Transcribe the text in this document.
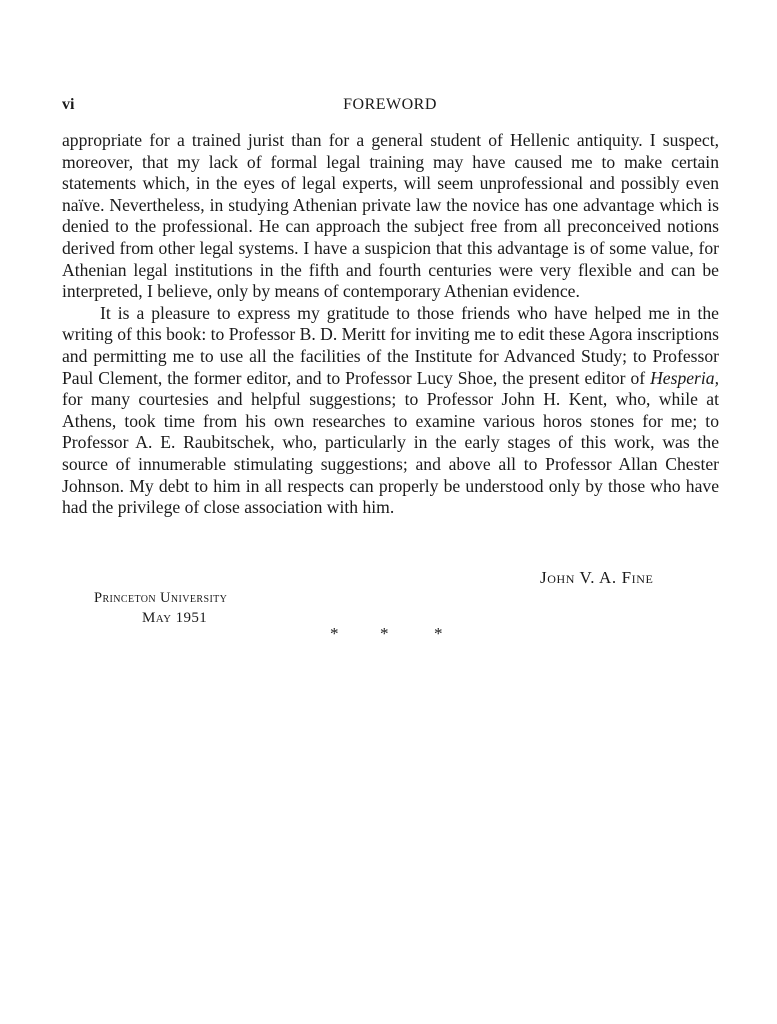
vi	FOREWORD

appropriate for a trained jurist than for a general student of Hellenic antiquity. I suspect, moreover, that my lack of formal legal training may have caused me to make certain statements which, in the eyes of legal experts, will seem unprofessional and possibly even naïve. Nevertheless, in studying Athenian private law the novice has one advantage which is denied to the professional. He can approach the subject free from all preconceived notions derived from other legal systems. I have a suspicion that this advantage is of some value, for Athenian legal institutions in the fifth and fourth centuries were very flexible and can be interpreted, I believe, only by means of contemporary Athenian evidence.

It is a pleasure to express my gratitude to those friends who have helped me in the writing of this book: to Professor B. D. Meritt for inviting me to edit these Agora inscriptions and permitting me to use all the facilities of the Institute for Advanced Study; to Professor Paul Clement, the former editor, and to Professor Lucy Shoe, the present editor of Hesperia, for many courtesies and helpful suggestions; to Professor John H. Kent, who, while at Athens, took time from his own researches to examine various horos stones for me; to Professor A. E. Raubitschek, who, particularly in the early stages of this work, was the source of innumerable stimulating suggestions; and above all to Professor Allan Chester Johnson. My debt to him in all respects can properly be understood only by those who have had the privilege of close association with him.

John V. A. Fine
Princeton University
May 1951
* *	*
